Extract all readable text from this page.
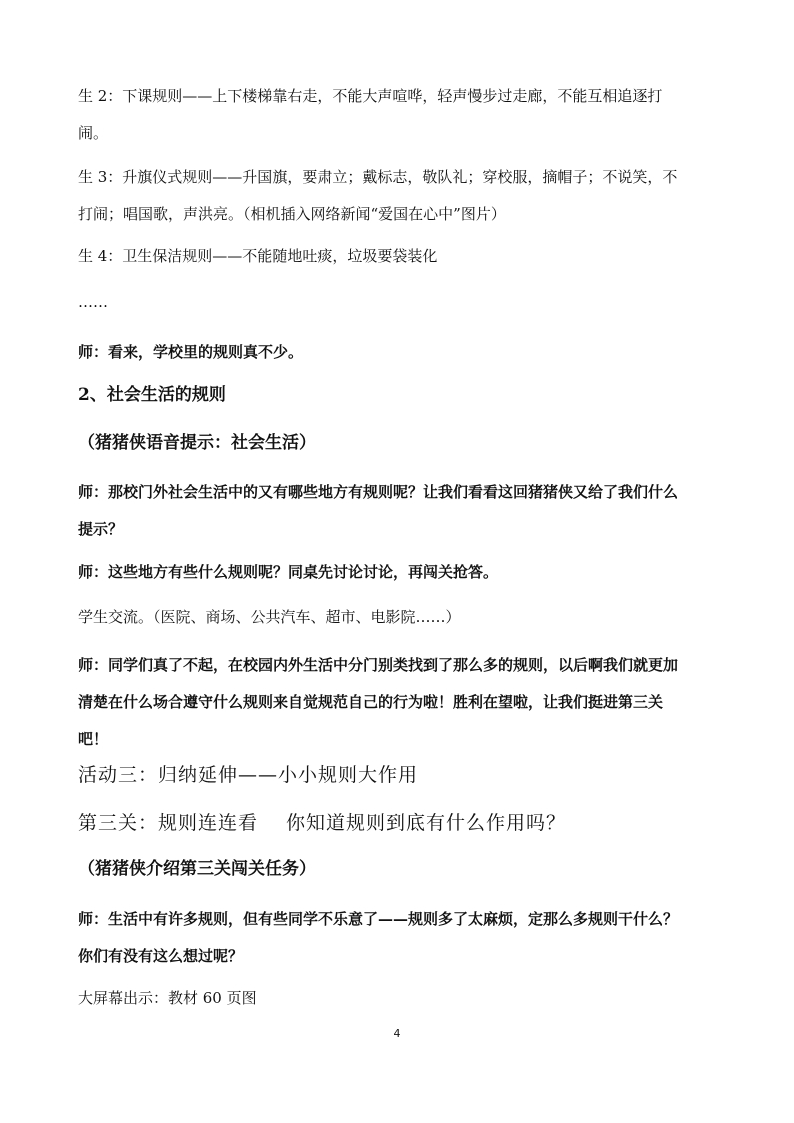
生 2：下课规则——上下楼梯靠右走，不能大声喧哗，轻声慢步过走廊，不能互相追逐打
闹。
生 3：升旗仪式规则——升国旗，要肃立；戴标志，敬队礼；穿校服，摘帽子；不说笑，不
打闹；唱国歌，声洪亮。（相机插入网络新闻“爱国在心中”图片）
生 4：卫生保洁规则——不能随地吐痰，垃圾要袋装化
……
师：看来，学校里的规则真不少。
2、社会生活的规则
（猪猪侠语音提示：社会生活）
师：那校门外社会生活中的又有哪些地方有规则呢？让我们看看这回猪猪侠又给了我们什么
提示？
师：这些地方有些什么规则呢？同桌先讨论讨论，再闯关抢答。
学生交流。（医院、商场、公共汽车、超市、电影院……）
师：同学们真了不起，在校园内外生活中分门别类找到了那么多的规则，以后啊我们就更加
清楚在什么场合遵守什么规则来自觉规范自己的行为啦！胜利在望啦，让我们挺进第三关
吧！
活动三：归纳延伸——小小规则大作用
第三关：规则连连看 你知道规则到底有什么作用吗？
（猪猪侠介绍第三关闯关任务）
师：生活中有许多规则，但有些同学不乐意了——规则多了太麻烦，定那么多规则干什么？
你们有没有这么想过呢？
大屏幕出示：教材 60 页图
4
